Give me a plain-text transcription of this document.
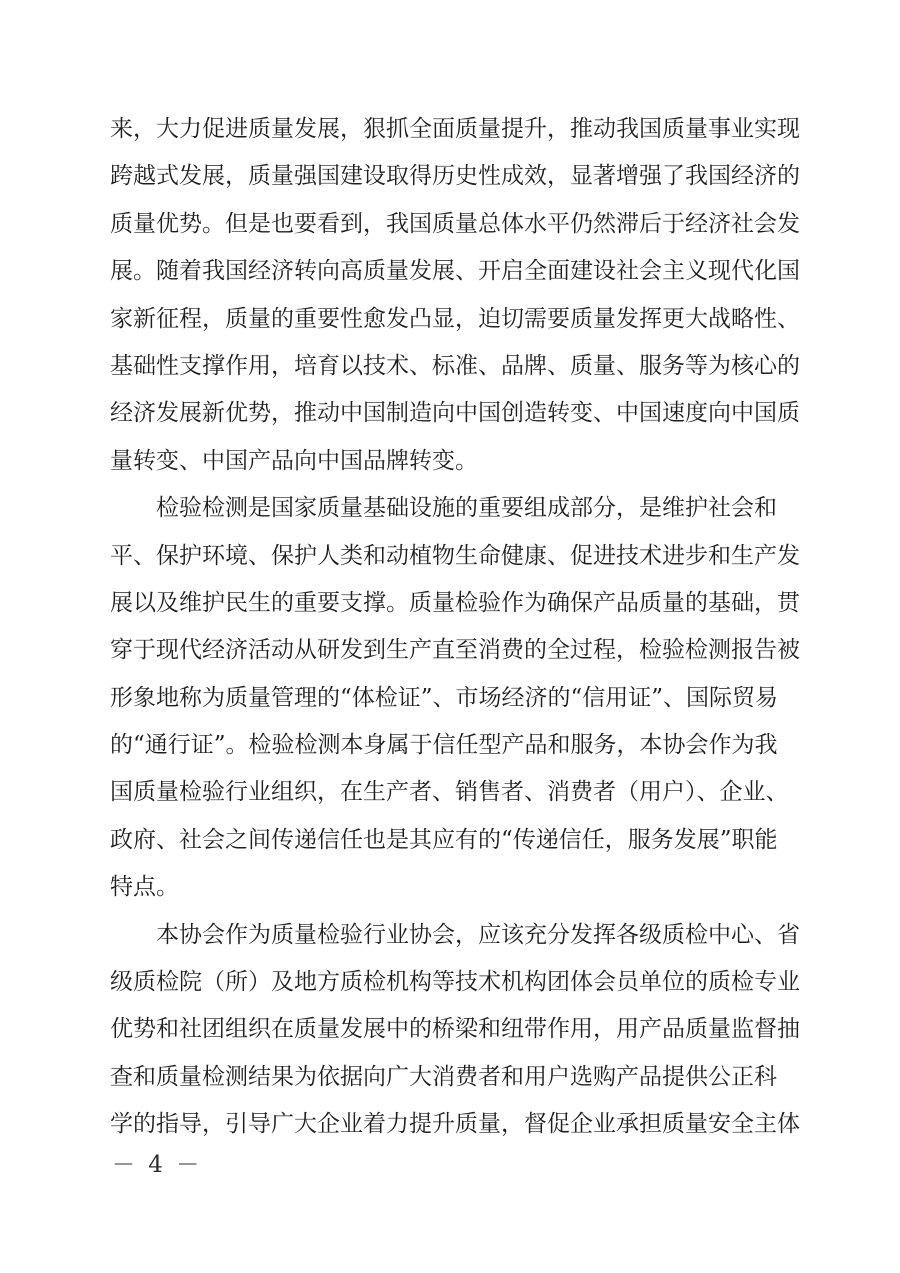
来，大力促进质量发展，狠抓全面质量提升，推动我国质量事业实现
跨越式发展，质量强国建设取得历史性成效，显著增强了我国经济的
质量优势。但是也要看到，我国质量总体水平仍然滞后于经济社会发
展。随着我国经济转向高质量发展、开启全面建设社会主义现代化国
家新征程，质量的重要性愈发凸显，迫切需要质量发挥更大战略性、
基础性支撑作用，培育以技术、标准、品牌、质量、服务等为核心的
经济发展新优势，推动中国制造向中国创造转变、中国速度向中国质
量转变、中国产品向中国品牌转变。
检验检测是国家质量基础设施的重要组成部分，是维护社会和
平、保护环境、保护人类和动植物生命健康、促进技术进步和生产发
展以及维护民生的重要支撑。质量检验作为确保产品质量的基础，贯
穿于现代经济活动从研发到生产直至消费的全过程，检验检测报告被
形象地称为质量管理的“体检证”、市场经济的“信用证”、国际贸易
的“通行证”。检验检测本身属于信任型产品和服务，本协会作为我
国质量检验行业组织，在生产者、销售者、消费者（用户）、企业、
政府、社会之间传递信任也是其应有的“传递信任，服务发展”职能
特点。
本协会作为质量检验行业协会，应该充分发挥各级质检中心、省
级质检院（所）及地方质检机构等技术机构团体会员单位的质检专业
优势和社团组织在质量发展中的桥梁和纽带作用，用产品质量监督抽
查和质量检测结果为依据向广大消费者和用户选购产品提供公正科
学的指导，引导广大企业着力提升质量，督促企业承担质量安全主体
－ 4 －
